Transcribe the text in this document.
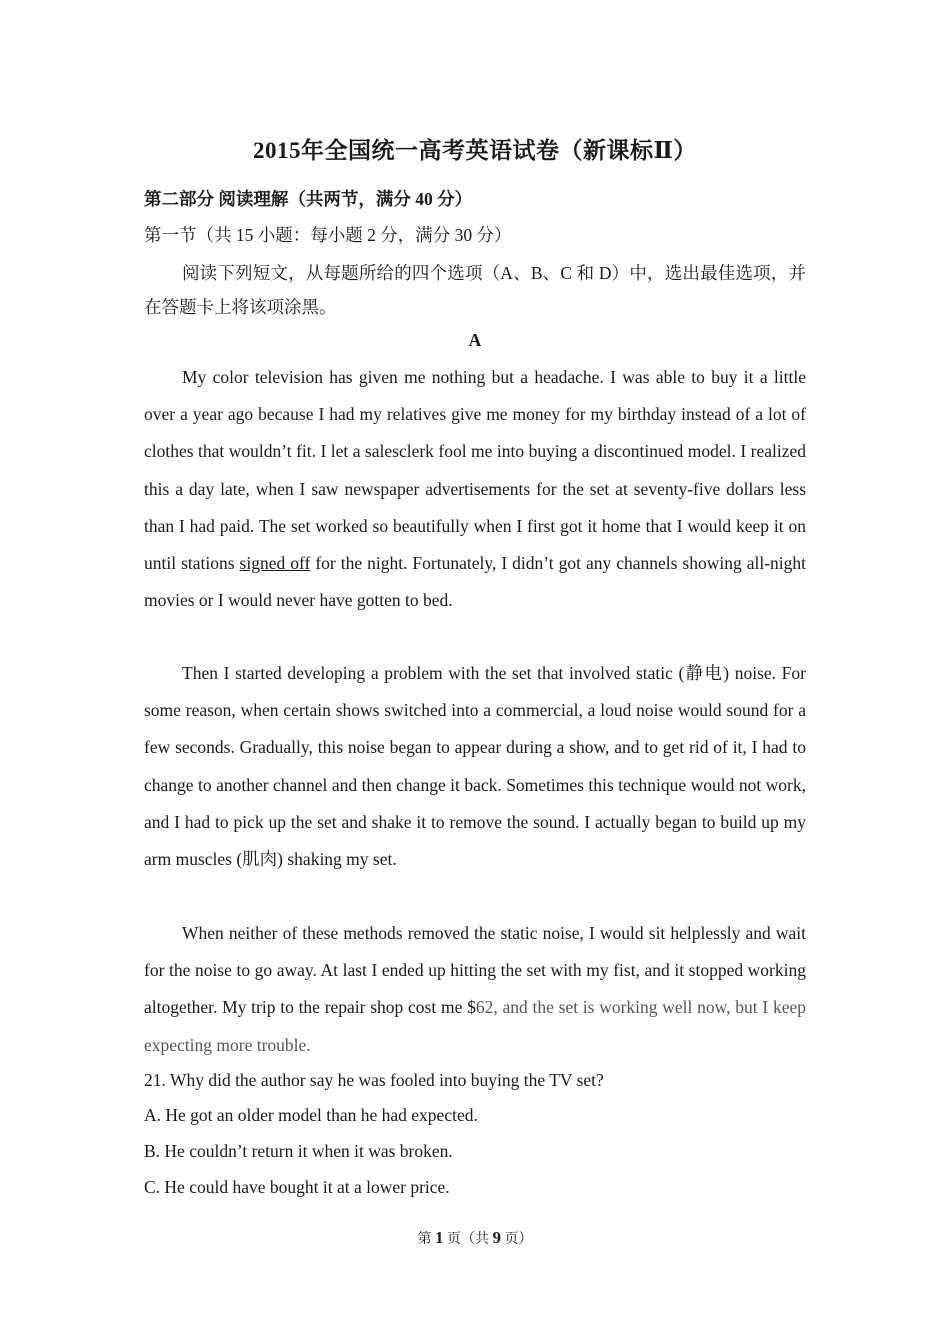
2015年全国统一高考英语试卷（新课标Ⅱ）
第二部分 阅读理解（共两节，满分 40 分）
第一节（共 15 小题：每小题 2 分，满分 30 分）
阅读下列短文，从每题所给的四个选项（A、B、C 和 D）中，选出最佳选项，并在答题卡上将该项涂黑。
A

My color television has given me nothing but a headache. I was able to buy it a little over a year ago because I had my relatives give me money for my birthday instead of a lot of clothes that wouldn’t fit. I let a salesclerk fool me into buying a discontinued model. I realized this a day late, when I saw newspaper advertisements for the set at seventy-five dollars less than I had paid. The set worked so beautifully when I first got it home that I would keep it on until stations signed off for the night. Fortunately, I didn’t got any channels showing all-night movies or I would never have gotten to bed.

Then I started developing a problem with the set that involved static (静电) noise. For some reason, when certain shows switched into a commercial, a loud noise would sound for a few seconds. Gradually, this noise began to appear during a show, and to get rid of it, I had to change to another channel and then change it back. Sometimes this technique would not work, and I had to pick up the set and shake it to remove the sound. I actually began to build up my arm muscles (肌肉) shaking my set.

When neither of these methods removed the static noise, I would sit helplessly and wait for the noise to go away. At last I ended up hitting the set with my fist, and it stopped working altogether. My trip to the repair shop cost me $62, and the set is working well now, but I keep expecting more trouble.

21. Why did the author say he was fooled into buying the TV set?
A. He got an older model than he had expected.
B. He couldn’t return it when it was broken.
C. He could have bought it at a lower price.
第 1 页（共 9 页）
